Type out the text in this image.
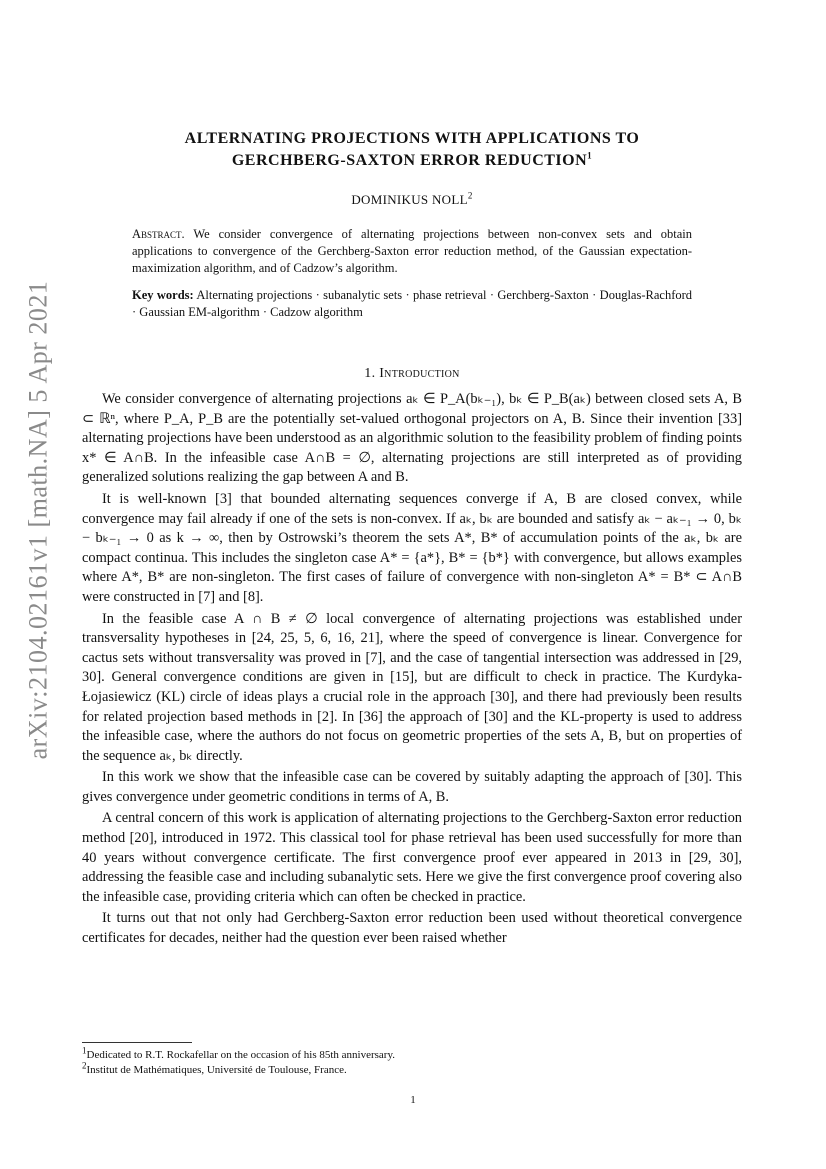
arXiv:2104.02161v1 [math.NA] 5 Apr 2021
ALTERNATING PROJECTIONS WITH APPLICATIONS TO
GERCHBERG-SAXTON ERROR REDUCTION$^1$
DOMINIKUS NOLL$^2$
Abstract. We consider convergence of alternating projections between non-convex sets and obtain applications to convergence of the Gerchberg-Saxton error reduction method, of the Gaussian expectation-maximization algorithm, and of Cadzow’s algorithm.
Key words: Alternating projections · subanalytic sets · phase retrieval · Gerchberg-Saxton · Douglas-Rachford · Gaussian EM-algorithm · Cadzow algorithm
1. Introduction

We consider convergence of alternating projections aₖ ∈ P_A(bₖ₋₁), bₖ ∈ P_B(aₖ) between closed sets A, B ⊂ ℝⁿ, where P_A, P_B are the potentially set-valued orthogonal projectors on A, B. Since their invention [33] alternating projections have been understood as an algorithmic solution to the feasibility problem of finding points x* ∈ A∩B. In the infeasible case A∩B = ∅, alternating projections are still interpreted as of providing generalized solutions realizing the gap between A and B.

It is well-known [3] that bounded alternating sequences converge if A, B are closed convex, while convergence may fail already if one of the sets is non-convex. If aₖ, bₖ are bounded and satisfy aₖ − aₖ₋₁ → 0, bₖ − bₖ₋₁ → 0 as k → ∞, then by Ostrowski’s theorem the sets A*, B* of accumulation points of the aₖ, bₖ are compact continua. This includes the singleton case A* = {a*}, B* = {b*} with convergence, but allows examples where A*, B* are non-singleton. The first cases of failure of convergence with non-singleton A* = B* ⊂ A∩B were constructed in [7] and [8].

In the feasible case A ∩ B ≠ ∅ local convergence of alternating projections was established under transversality hypotheses in [24, 25, 5, 6, 16, 21], where the speed of convergence is linear. Convergence for cactus sets without transversality was proved in [7], and the case of tangential intersection was addressed in [29, 30]. General convergence conditions are given in [15], but are difficult to check in practice. The Kurdyka-Łojasiewicz (KL) circle of ideas plays a crucial role in the approach [30], and there had previously been results for related projection based methods in [2]. In [36] the approach of [30] and the KL-property is used to address the infeasible case, where the authors do not focus on geometric properties of the sets A, B, but on properties of the sequence aₖ, bₖ directly.

In this work we show that the infeasible case can be covered by suitably adapting the approach of [30]. This gives convergence under geometric conditions in terms of A, B.

A central concern of this work is application of alternating projections to the Gerchberg-Saxton error reduction method [20], introduced in 1972. This classical tool for phase retrieval has been used successfully for more than 40 years without convergence certificate. The first convergence proof ever appeared in 2013 in [29, 30], addressing the feasible case and including subanalytic sets. Here we give the first convergence proof covering also the infeasible case, providing criteria which can often be checked in practice.

It turns out that not only had Gerchberg-Saxton error reduction been used without theoretical convergence certificates for decades, neither had the question ever been raised whether

$^1$Dedicated to R.T. Rockafellar on the occasion of his 85th anniversary.

$^2$Institut de Mathématiques, Université de Toulouse, France.

1
